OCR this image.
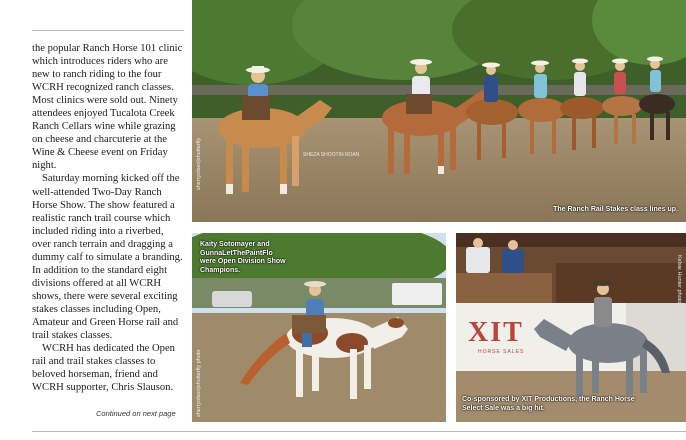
the popular Ranch Horse 101 clinic which introduces riders who are new to ranch riding to the four WCRH recognized ranch classes. Most clinics were sold out. Ninety attendees enjoyed Tucalota Creek Ranch Cellars wine while grazing on cheese and charcuterie at the Wine & Cheese event on Friday night.

Saturday morning kicked off the well-attended Two-Day Ranch Horse Show. The show featured a realistic ranch trail course which included riding into a riverbed, over ranch terrain and dragging a dummy calf to simulate a branding. In addition to the standard eight divisions offered at all WCRH shows, there were several exciting stakes classes including Open, Amateur and Green Horse rail and trail stakes classes.

WCRH has dedicated the Open rail and trail stakes classes to beloved horseman, friend and WCRH supporter, Chris Slauson.

Continued on next page
The Ranch Rail Stakes class lines up.
SHEZA SHOOTIN ROAN
sherryolsen|shutterfly
Kaity Sotomayer and GunnaLetThePaintFlo were Open Division Show Champions.
sherryolsen|shutterfly photo
XIT
HORSE SALES
Co-sponsored by XIT Productions, the Ranch Horse Select Sale was a big hit.
Kelsie Hunter photo
